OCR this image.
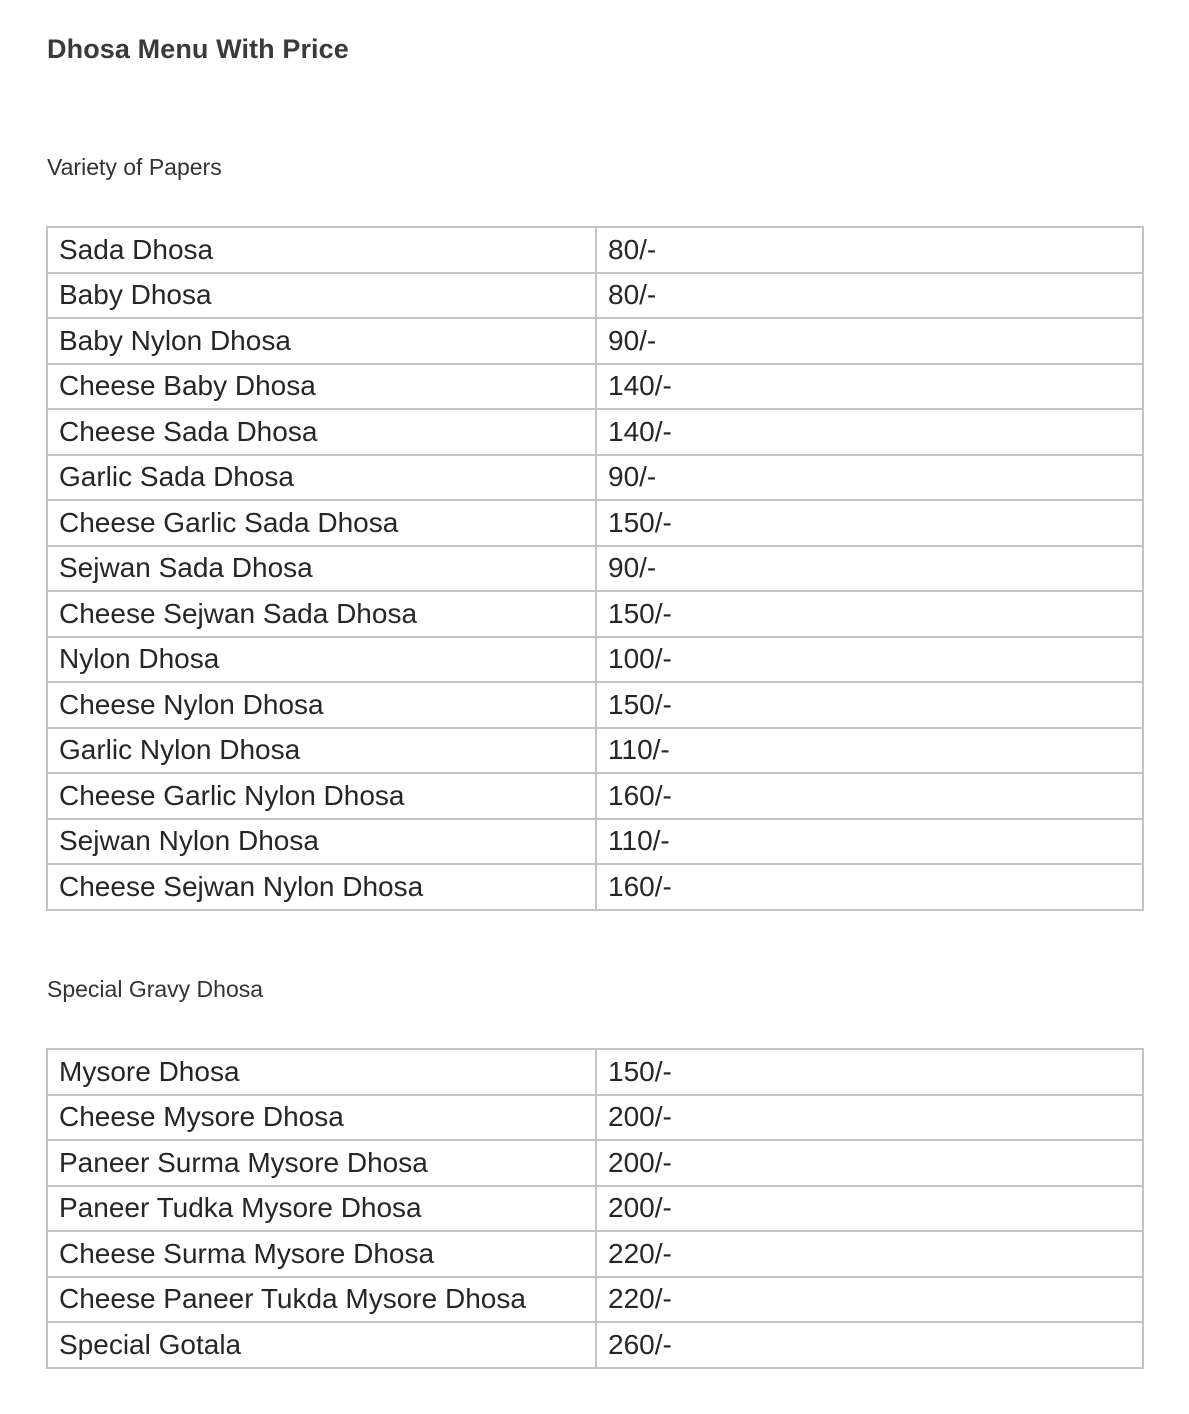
Dhosa Menu With Price
Variety of Papers
Sada Dhosa	80/-
Baby Dhosa	80/-
Baby Nylon Dhosa	90/-
Cheese Baby Dhosa	140/-
Cheese Sada Dhosa	140/-
Garlic Sada Dhosa	90/-
Cheese Garlic Sada Dhosa	150/-
Sejwan Sada Dhosa	90/-
Cheese Sejwan Sada Dhosa	150/-
Nylon Dhosa	100/-
Cheese Nylon Dhosa	150/-
Garlic Nylon Dhosa	110/-
Cheese Garlic Nylon Dhosa	160/-
Sejwan Nylon Dhosa	110/-
Cheese Sejwan Nylon Dhosa	160/-
Special Gravy Dhosa
Mysore Dhosa	150/-
Cheese Mysore Dhosa	200/-
Paneer Surma Mysore Dhosa	200/-
Paneer Tudka Mysore Dhosa	200/-
Cheese Surma Mysore Dhosa	220/-
Cheese Paneer Tukda Mysore Dhosa	220/-
Special Gotala	260/-
